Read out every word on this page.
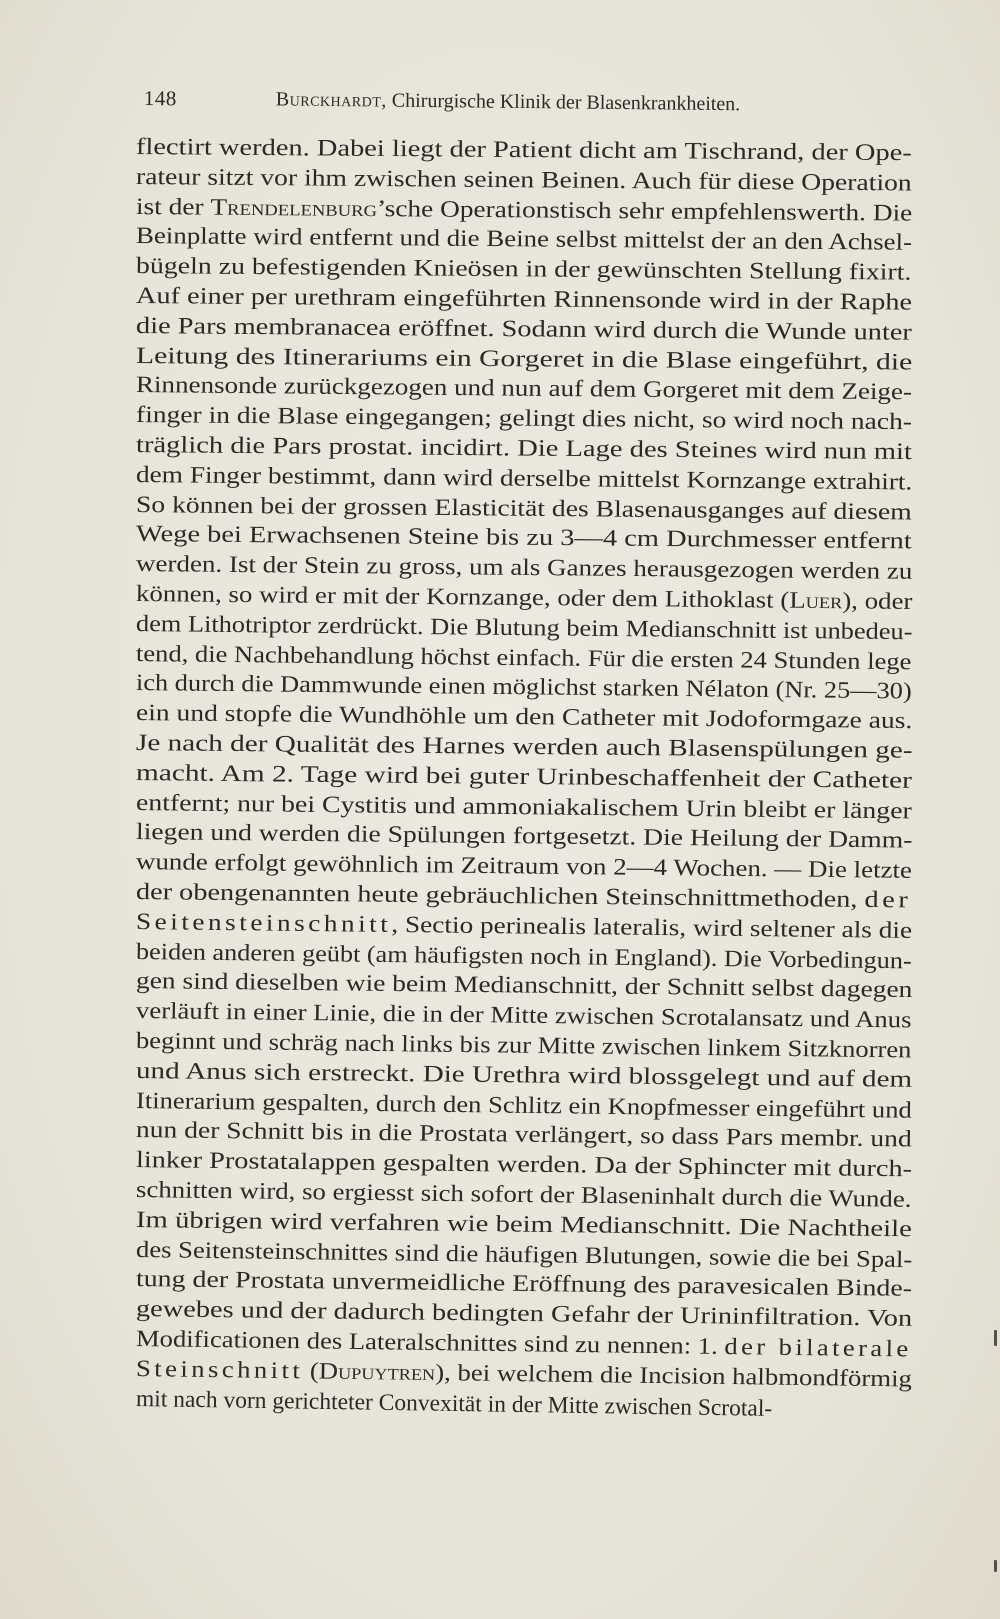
148	Burckhardt, Chirurgische Klinik der Blasenkrankheiten.
flectirt werden. Dabei liegt der Patient dicht am Tischrand, der Ope-
rateur sitzt vor ihm zwischen seinen Beinen. Auch für diese Operation
ist der Trendelenburg’sche Operationstisch sehr empfehlenswerth. Die
Beinplatte wird entfernt und die Beine selbst mittelst der an den Achsel-
bügeln zu befestigenden Knieösen in der gewünschten Stellung fixirt.
Auf einer per urethram eingeführten Rinnensonde wird in der Raphe
die Pars membranacea eröffnet. Sodann wird durch die Wunde unter
Leitung des Itinerariums ein Gorgeret in die Blase eingeführt, die
Rinnensonde zurückgezogen und nun auf dem Gorgeret mit dem Zeige-
finger in die Blase eingegangen; gelingt dies nicht, so wird noch nach-
träglich die Pars prostat. incidirt. Die Lage des Steines wird nun mit
dem Finger bestimmt, dann wird derselbe mittelst Kornzange extrahirt.
So können bei der grossen Elasticität des Blasenausganges auf diesem
Wege bei Erwachsenen Steine bis zu 3—4 cm Durchmesser entfernt
werden. Ist der Stein zu gross, um als Ganzes herausgezogen werden zu
können, so wird er mit der Kornzange, oder dem Lithoklast (Luer), oder
dem Lithotriptor zerdrückt. Die Blutung beim Medianschnitt ist unbedeu-
tend, die Nachbehandlung höchst einfach. Für die ersten 24 Stunden lege
ich durch die Dammwunde einen möglichst starken Nélaton (Nr. 25—30)
ein und stopfe die Wundhöhle um den Catheter mit Jodoformgaze aus.
Je nach der Qualität des Harnes werden auch Blasenspülungen ge-
macht. Am 2. Tage wird bei guter Urinbeschaffenheit der Catheter
entfernt; nur bei Cystitis und ammoniakalischem Urin bleibt er länger
liegen und werden die Spülungen fortgesetzt. Die Heilung der Damm-
wunde erfolgt gewöhnlich im Zeitraum von 2—4 Wochen. — Die letzte
der obengenannten heute gebräuchlichen Steinschnittmethoden, der
Seitensteinschnitt, Sectio perinealis lateralis, wird seltener als die
beiden anderen geübt (am häufigsten noch in England). Die Vorbedingun-
gen sind dieselben wie beim Medianschnitt, der Schnitt selbst dagegen
verläuft in einer Linie, die in der Mitte zwischen Scrotalansatz und Anus
beginnt und schräg nach links bis zur Mitte zwischen linkem Sitzknorren
und Anus sich erstreckt. Die Urethra wird blossgelegt und auf dem
Itinerarium gespalten, durch den Schlitz ein Knopfmesser eingeführt und
nun der Schnitt bis in die Prostata verlängert, so dass Pars membr. und
linker Prostatalappen gespalten werden. Da der Sphincter mit durch-
schnitten wird, so ergiesst sich sofort der Blaseninhalt durch die Wunde.
Im übrigen wird verfahren wie beim Medianschnitt. Die Nachtheile
des Seitensteinschnittes sind die häufigen Blutungen, sowie die bei Spal-
tung der Prostata unvermeidliche Eröffnung des paravesicalen Binde-
gewebes und der dadurch bedingten Gefahr der Urininfiltration. Von
Modificationen des Lateralschnittes sind zu nennen: 1. der bilaterale
Steinschnitt (Dupuytren), bei welchem die Incision halbmondförmig
mit nach vorn gerichteter Convexität in der Mitte zwischen Scrotal-
